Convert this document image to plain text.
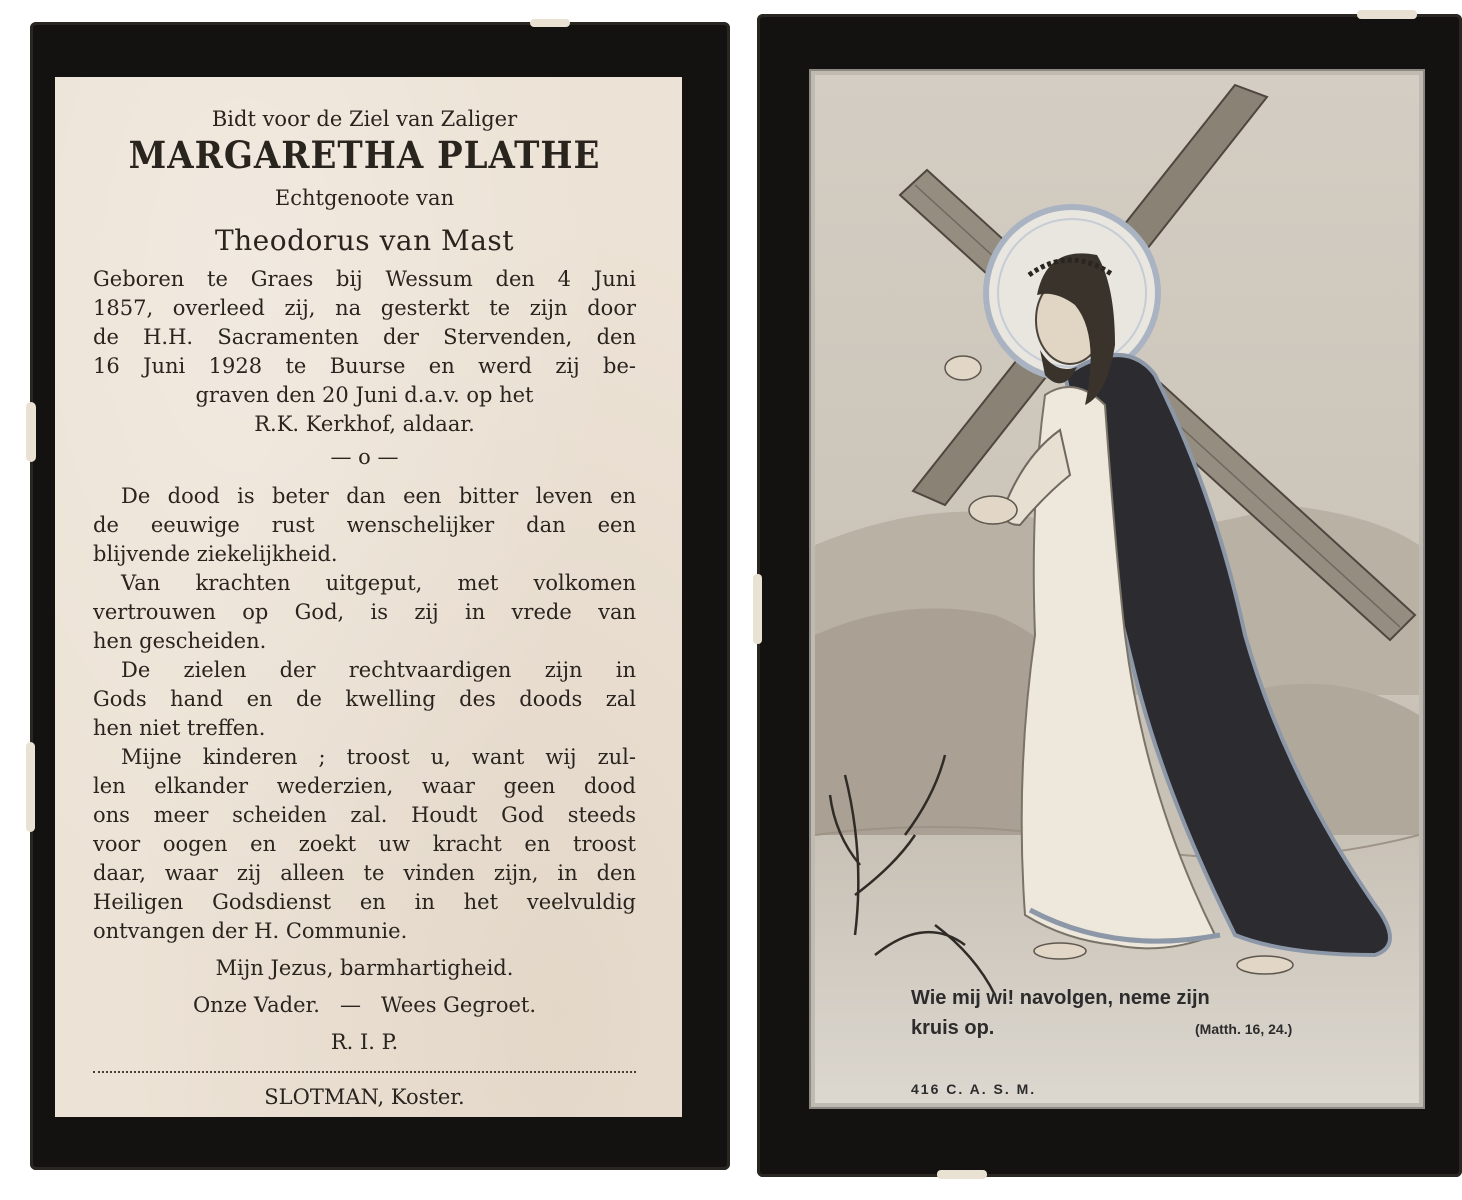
Bidt voor de Ziel van Zaliger
MARGARETHA PLATHE
Echtgenoote van
Theodorus van Mast
Geboren te Graes bij Wessum den 4 Juni
1857, overleed zij, na gesterkt te zijn door
de H.H. Sacramenten der Stervenden, den
16 Juni 1928 te Buurse en werd zij be-
graven den 20 Juni d.a.v. op het
R.K. Kerkhof, aldaar.
— o —
De dood is beter dan een bitter leven en
de eeuwige rust wenschelijker dan een
blijvende ziekelijkheid.
Van krachten uitgeput, met volkomen
vertrouwen op God, is zij in vrede van
hen gescheiden.
De zielen der rechtvaardigen zijn in
Gods hand en de kwelling des doods zal
hen niet treffen.
Mijne kinderen ; troost u, want wij zul-
len elkander wederzien, waar geen dood
ons meer scheiden zal. Houdt God steeds
voor oogen en zoekt uw kracht en troost
daar, waar zij alleen te vinden zijn, in den
Heiligen Godsdienst en in het veelvuldig
ontvangen der H. Communie.
Mijn Jezus, barmhartigheid.
Onze Vader.   —   Wees Gegroet.
R. I. P.
SLOTMAN, Koster.
Wie mij wi! navolgen, neme zijn
kruis op.	(Matth. 16, 24.)
416 C. A. S. M.
